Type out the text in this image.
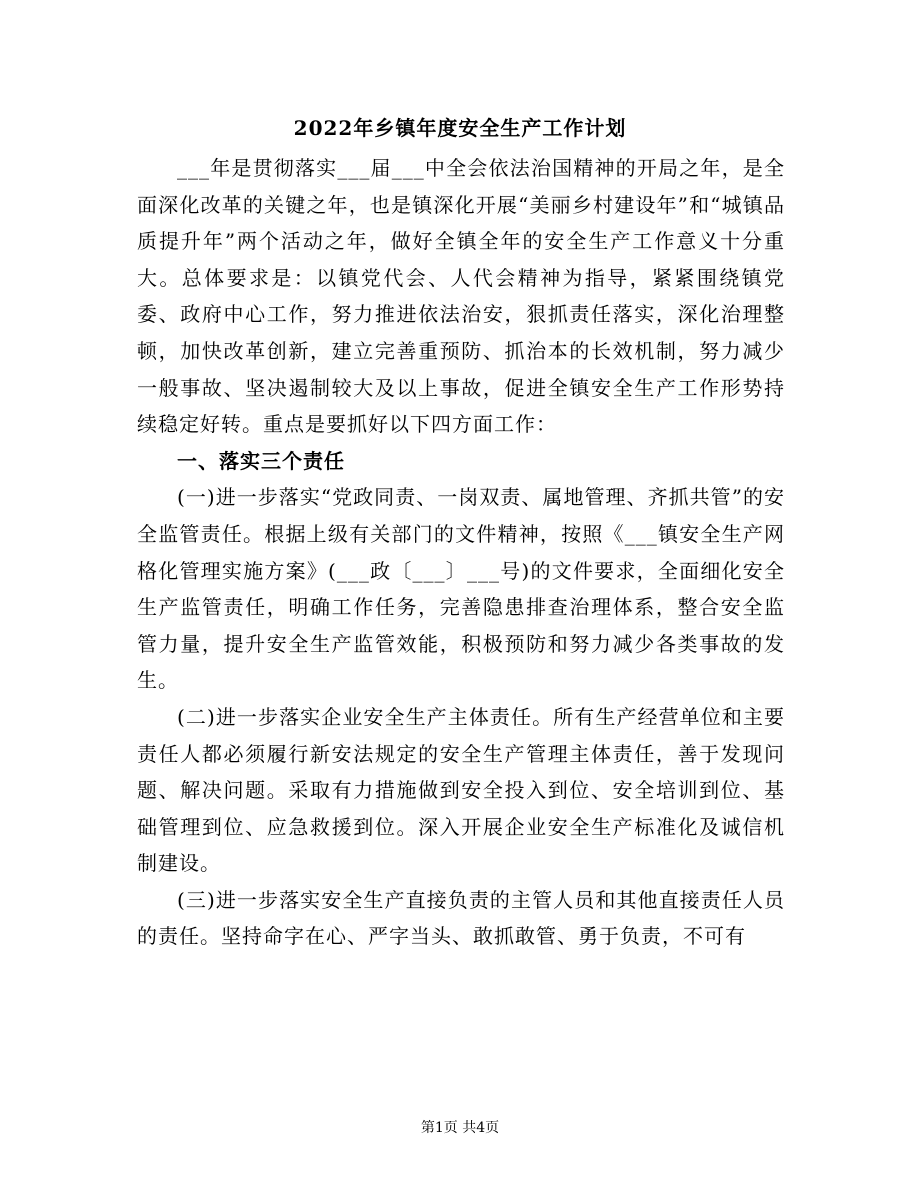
2022年乡镇年度安全生产工作计划

___年是贯彻落实___届___中全会依法治国精神的开局之年，是全面深化改革的关键之年，也是镇深化开展“美丽乡村建设年”和“城镇品质提升年”两个活动之年，做好全镇全年的安全生产工作意义十分重大。总体要求是：以镇党代会、人代会精神为指导，紧紧围绕镇党委、政府中心工作，努力推进依法治安，狠抓责任落实，深化治理整顿，加快改革创新，建立完善重预防、抓治本的长效机制，努力减少一般事故、坚决遏制较大及以上事故，促进全镇安全生产工作形势持续稳定好转。重点是要抓好以下四方面工作：

一、落实三个责任

(一)进一步落实“党政同责、一岗双责、属地管理、齐抓共管”的安全监管责任。根据上级有关部门的文件精神，按照《___镇安全生产网格化管理实施方案》(___政〔___〕___号)的文件要求，全面细化安全生产监管责任，明确工作任务，完善隐患排查治理体系，整合安全监管力量，提升安全生产监管效能，积极预防和努力减少各类事故的发生。

(二)进一步落实企业安全生产主体责任。所有生产经营单位和主要责任人都必须履行新安法规定的安全生产管理主体责任，善于发现问题、解决问题。采取有力措施做到安全投入到位、安全培训到位、基础管理到位、应急救援到位。深入开展企业安全生产标准化及诚信机制建设。

(三)进一步落实安全生产直接负责的主管人员和其他直接责任人员的责任。坚持命字在心、严字当头、敢抓敢管、勇于负责，不可有

第1页 共4页
